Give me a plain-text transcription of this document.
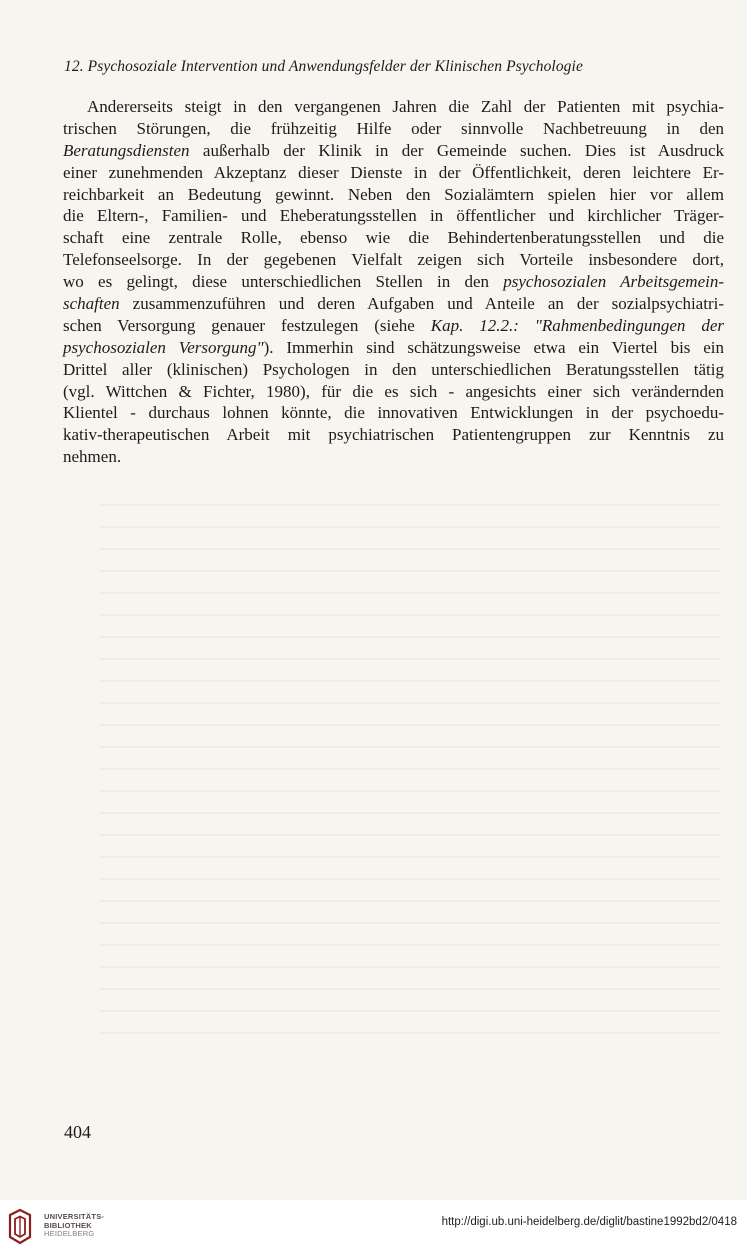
12. Psychosoziale Intervention und Anwendungsfelder der Klinischen Psychologie
Andererseits steigt in den vergangenen Jahren die Zahl der Patienten mit psychia-
trischen Störungen, die frühzeitig Hilfe oder sinnvolle Nachbetreuung in den
Beratungsdiensten außerhalb der Klinik in der Gemeinde suchen. Dies ist Ausdruck
einer zunehmenden Akzeptanz dieser Dienste in der Öffentlichkeit, deren leichtere Er-
reichbarkeit an Bedeutung gewinnt. Neben den Sozialämtern spielen hier vor allem
die Eltern-, Familien- und Eheberatungsstellen in öffentlicher und kirchlicher Träger-
schaft eine zentrale Rolle, ebenso wie die Behindertenberatungsstellen und die
Telefonseelsorge. In der gegebenen Vielfalt zeigen sich Vorteile insbesondere dort,
wo es gelingt, diese unterschiedlichen Stellen in den psychosozialen Arbeitsgemein-
schaften zusammenzuführen und deren Aufgaben und Anteile an der sozialpsychiatri-
schen Versorgung genauer festzulegen (siehe Kap. 12.2.: "Rahmenbedingungen der
psychosozialen Versorgung"). Immerhin sind schätzungsweise etwa ein Viertel bis ein
Drittel aller (klinischen) Psychologen in den unterschiedlichen Beratungsstellen tätig
(vgl. Wittchen & Fichter, 1980), für die es sich - angesichts einer sich verändernden
Klientel - durchaus lohnen könnte, die innovativen Entwicklungen in der psychoedu-
kativ-therapeutischen Arbeit mit psychiatrischen Patientengruppen zur Kenntnis zu
nehmen.
404
UNIVERSITÄTS-
BIBLIOTHEK
HEIDELBERG
http://digi.ub.uni-heidelberg.de/diglit/bastine1992bd2/0418
